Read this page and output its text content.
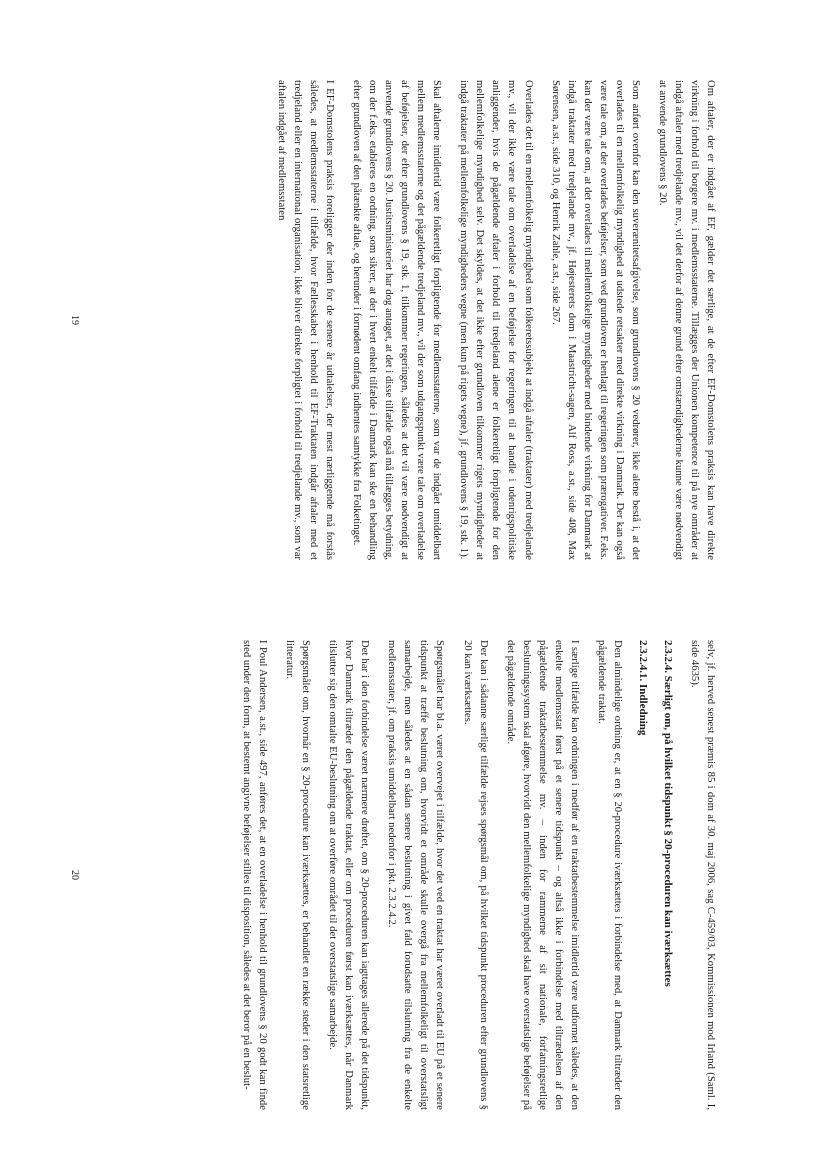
Om aftaler, der er indgået af EF, gælder det særlige, at de efter EF-Domstolens praksis kan have direkte virkning i forhold til borgere mv. i medlemsstaterne. Tillægges der Unionen kompetence til på nye områder at indgå aftaler med tredjelande mv., vil det derfor af denne grund efter omstændighederne kunne være nødvendigt at anvende grundlovens § 20.

Som anført ovenfor kan den suverænitetsafgivelse, som grundlovens § 20 vedrører, ikke alene bestå i, at det overlades til en mellemfolkelig myndighed at udstede retsakter med direkte virkning i Danmark. Der kan også være tale om, at der overlades beføjelser, som ved grundloven er henlagt til regeringen som prærogativer. F.eks. kan der være tale om, at det overlades til mellemfolkelige myndigheder med bindende virkning for Danmark at indgå traktater med tredjelande mv., jf. Højesterets dom i Maastricht-sagen, Alf Ross, a.st., side 408, Max Sørensen, a.st., side 310, og Henrik Zahle, a.st., side 267.

Overlades det til en mellemfolkelig myndighed som folkeretssubjekt at indgå aftaler (traktater) med tredjelande mv., vil der ikke være tale om overladelse af en beføjelse for regeringen til at handle i udenrigspolitiske anliggender, hvis de pågældende aftaler i forhold til tredjeland alene er folkeretligt forpligtende for den mellemfolkelige myndighed selv. Det skyldes, at det ikke efter grundloven tilkommer rigets myndigheder at indgå traktater på mellemfolkelige myndigheders vegne (men kun på rigets vegne), jf. grundlovens § 19, stk. 1).

Skal aftalerne imidlertid være folkeretligt forpligtende for medlemsstaterne, som var de indgået umiddelbart mellem medlemsstaterne og det pågældende tredjeland mv., vil der som udgangspunkt være tale om overladelse af beføjelser, der efter grundlovens § 19, stk. 1, tilkommer regeringen, således at det vil være nødvendigt at anvende grundlovens § 20. Justitsministeriet har dog antaget, at det i disse tilfælde også må tillægges betydning, om der f.eks. etableres en ordning, som sikrer, at der i hvert enkelt tilfælde i Danmark kan ske en behandling efter grundloven af den påtænkte aftale, og herunder i fornødent omfang indhentes samtykke fra Folketinget.

I EF-Domstolens praksis foreligger der inden for de senere år udtalelser, der mest nærliggende må forstås således, at medlemsstaterne i tilfælde, hvor Fællesskabet i henhold til EF-Traktaten indgår aftaler med et tredjeland eller en international organisation, ikke bliver direkte forpligtet i forhold til tredjelande mv., som var aftalen indgået af medlemsstaten

19

selv, jf. herved senest præmis 85 i dom af 30. maj 2006, sag C-459/03, Kommissionen mod Irland (Saml. I, side 4635).

2.3.2.4. Særligt om, på hvilket tidspunkt § 20-proceduren kan iværksættes

2.3.2.4.1. Indledning

Den almindelige ordning er, at en § 20-procedure iværksættes i forbindelse med, at Danmark tiltræder den pågældende traktat.

I særlige tilfælde kan ordningen i medfør af en traktatbestemmelse imidlertid være udformet således, at den enkelte medlemsstat først på et senere tidspunkt – og altså ikke i forbindelse med tiltrædelsen af den pågældende traktatbestemmelse mv. – inden for rammerne af sit nationale, forfatningsretlige beslutningssystem skal afgøre, hvorvidt den mellemfolkelige myndighed skal have overstatslige beføjelser på det pågældende område.

Der kan i sådanne særlige tilfælde rejses spørgsmål om, på hvilket tidspunkt proceduren efter grundlovens § 20 kan iværksættes.

Spørgsmålet har bl.a. været overvejet i tilfælde, hvor det ved en traktat har været overladt til EU på et senere tidspunkt at træffe beslutning om, hvorvidt et område skulle overgå fra mellemfolkeligt til overstatsligt samarbejde, men således at en sådan senere beslutning i givet fald forudsatte tilslutning fra de enkelte medlemsstater, jf. om praksis umiddelbart nedenfor i pkt. 2.3.2.4.2.

Det har i den forbindelse været nærmere drøftet, om § 20-proceduren kan iagttages allerede på det tidspunkt, hvor Danmark tiltræder den pågældende traktat, eller om proceduren først kan iværksættes, når Danmark tilslutter sig den omtalte EU-beslutning om at overføre området til det overstatslige samarbejde.

Spørgsmålet om, hvornår en § 20-procedure kan iværksættes, er behandlet en række steder i den statsretlige litteratur.

I Poul Andersen, a.st., side 497, anføres det, at en overladelse i henhold til grundlovens § 20 godt kan finde sted under den form, at bestemt angivne beføjelser stilles til disposition, således at det beror på en beslut-

20
